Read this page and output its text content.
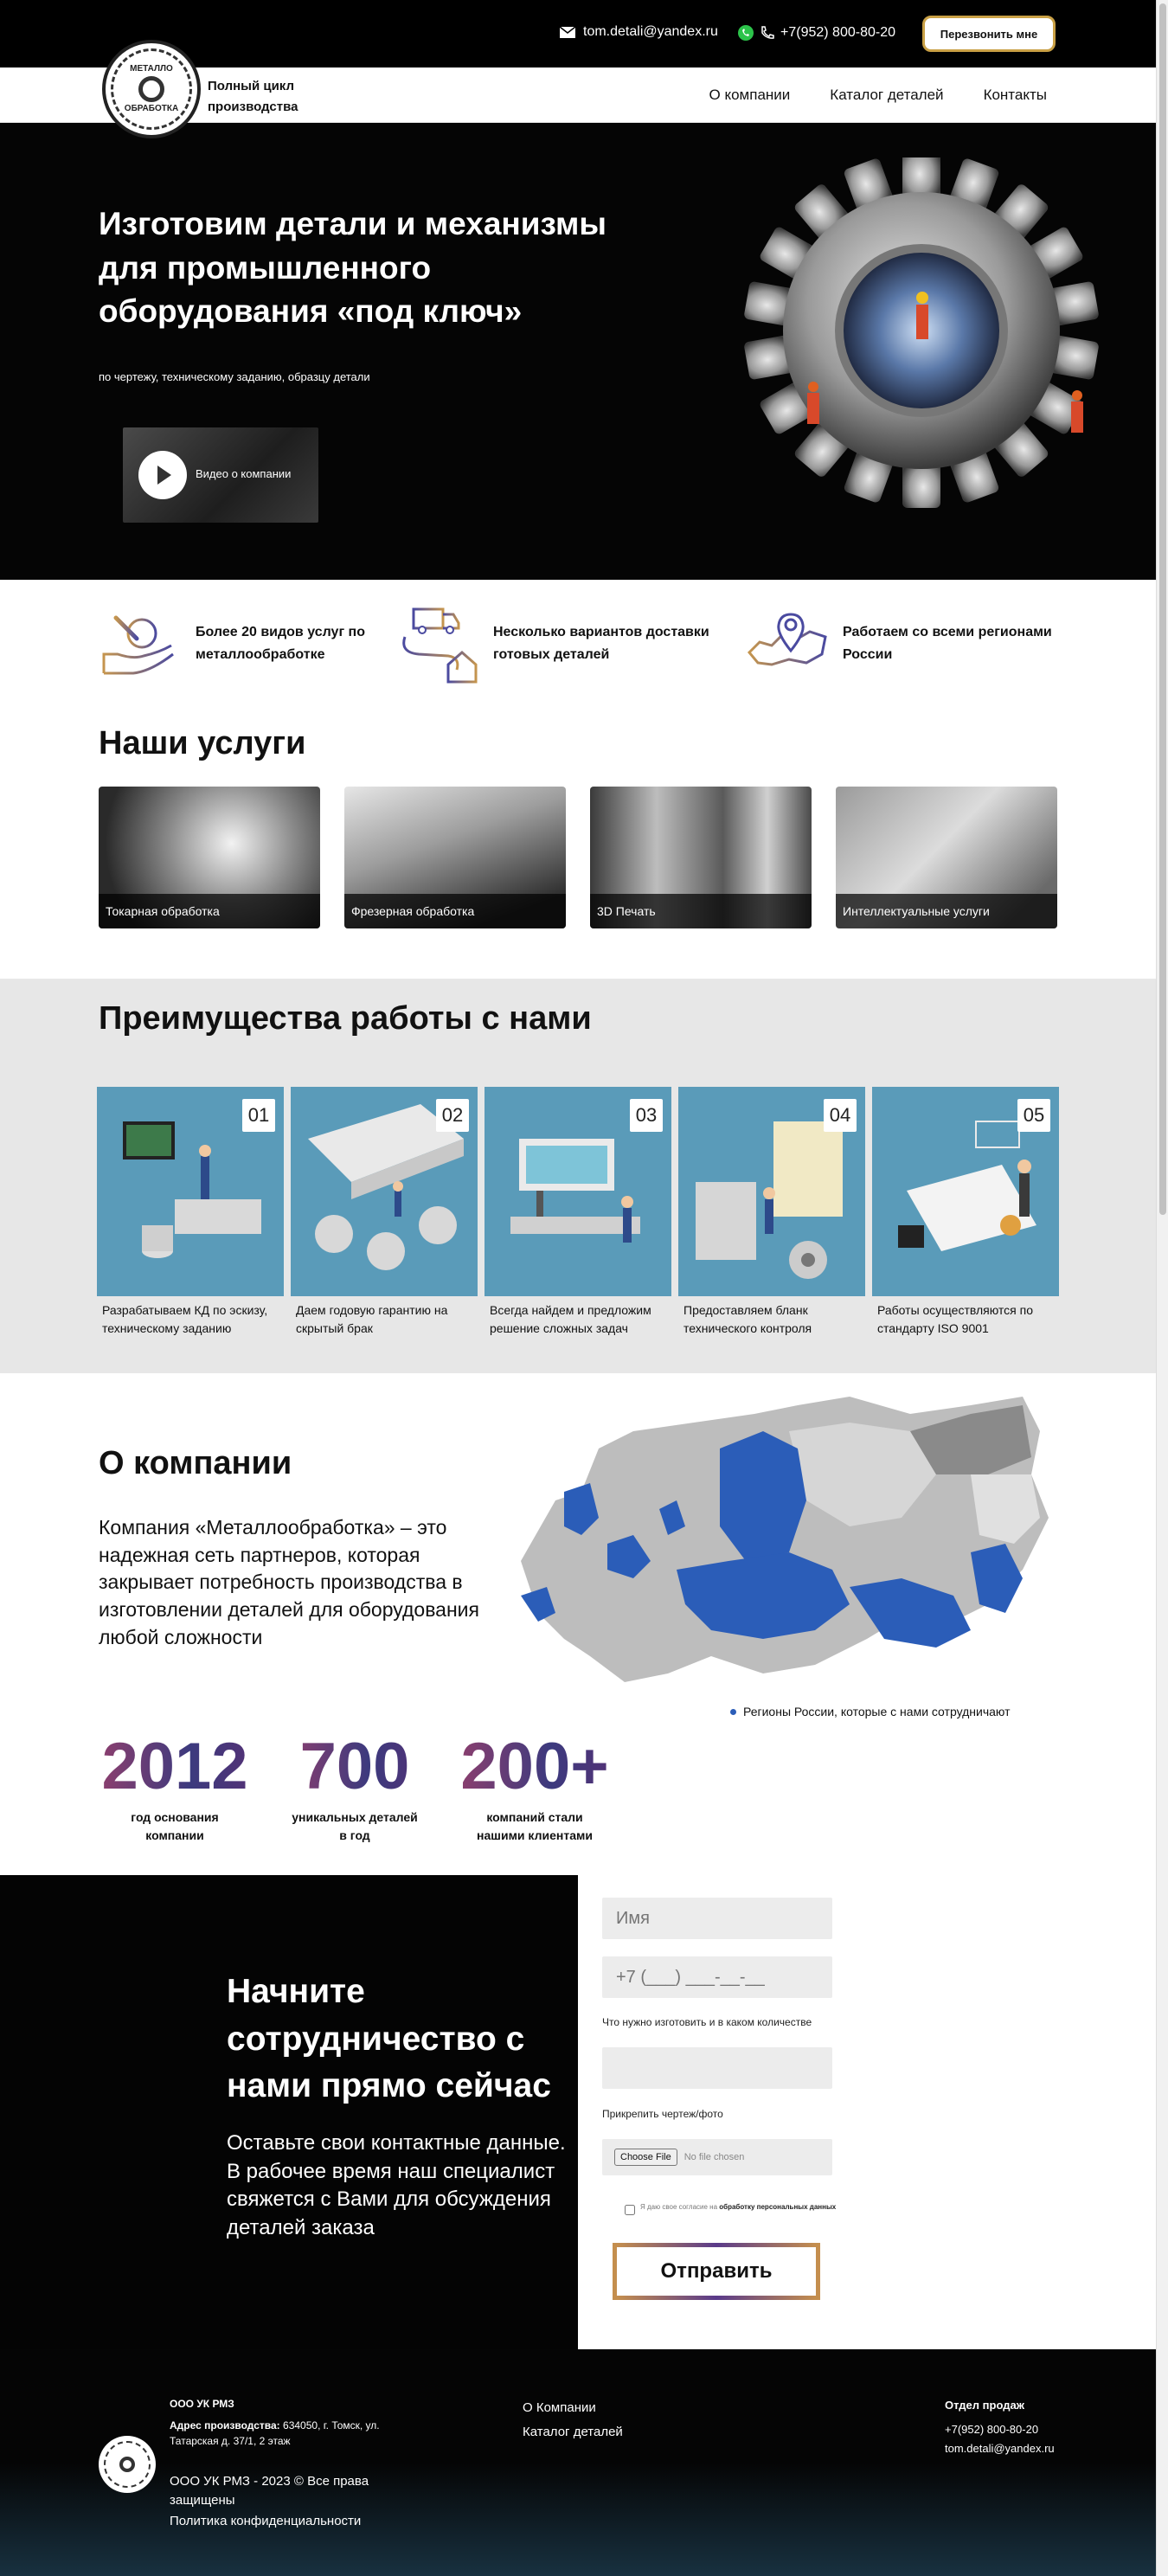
tom.detali@yandex.ru	+7(952) 800-80-20	Перезвонить мне
МЕТАЛЛО
ОБРАБОТКА
Полный цикл производства
О компании	Каталог деталей	Контакты
Изготовим детали и механизмы для промышленного оборудования «под ключ»
по чертежу, техническому заданию, образцу детали
Видео о компании
Более 20 видов услуг по металлообработке
Несколько вариантов доставки готовых деталей
Работаем со всеми регионами России
Наши услуги
Токарная обработка	Фрезерная обработка	3D Печать	Интеллектуальные услуги
Преимущества работы с нами
01
Разрабатываем КД по эскизу, техническому заданию
02
Даем годовую гарантию на скрытый брак
03
Всегда найдем и предложим решение сложных задач
04
Предоставляем бланк технического контроля
05
Работы осуществляются по стандарту ISO 9001
О компании
Компания «Металлообработка» – это надежная сеть партнеров, которая закрывает потребность производства в изготовлении деталей для оборудования любой сложности
Регионы России, которые с нами сотрудничают
2012
год основания
компании
700
уникальных деталей
в год
200+
компаний стали
нашими клиентами
Начните сотрудничество с нами прямо сейчас

Оставьте свои контактные данные. В рабочее время наш специалист свяжется с Вами для обсуждения деталей заказа

Имя
+7 (___) ___-__-__
Что нужно изготовить и в каком количестве
Прикрепить чертеж/фото
Choose File	No file chosen
Я даю свое согласие на обработку персональных данных
Отправить
ООО УК РМЗ
Адрес производства: 634050, г. Томск, ул. Татарская д. 37/1, 2 этаж
ООО УК РМЗ - 2023 © Все права защищены
Политика конфиденциальности
О Компании
Каталог деталей
Отдел продаж
+7(952) 800-80-20
tom.detali@yandex.ru
